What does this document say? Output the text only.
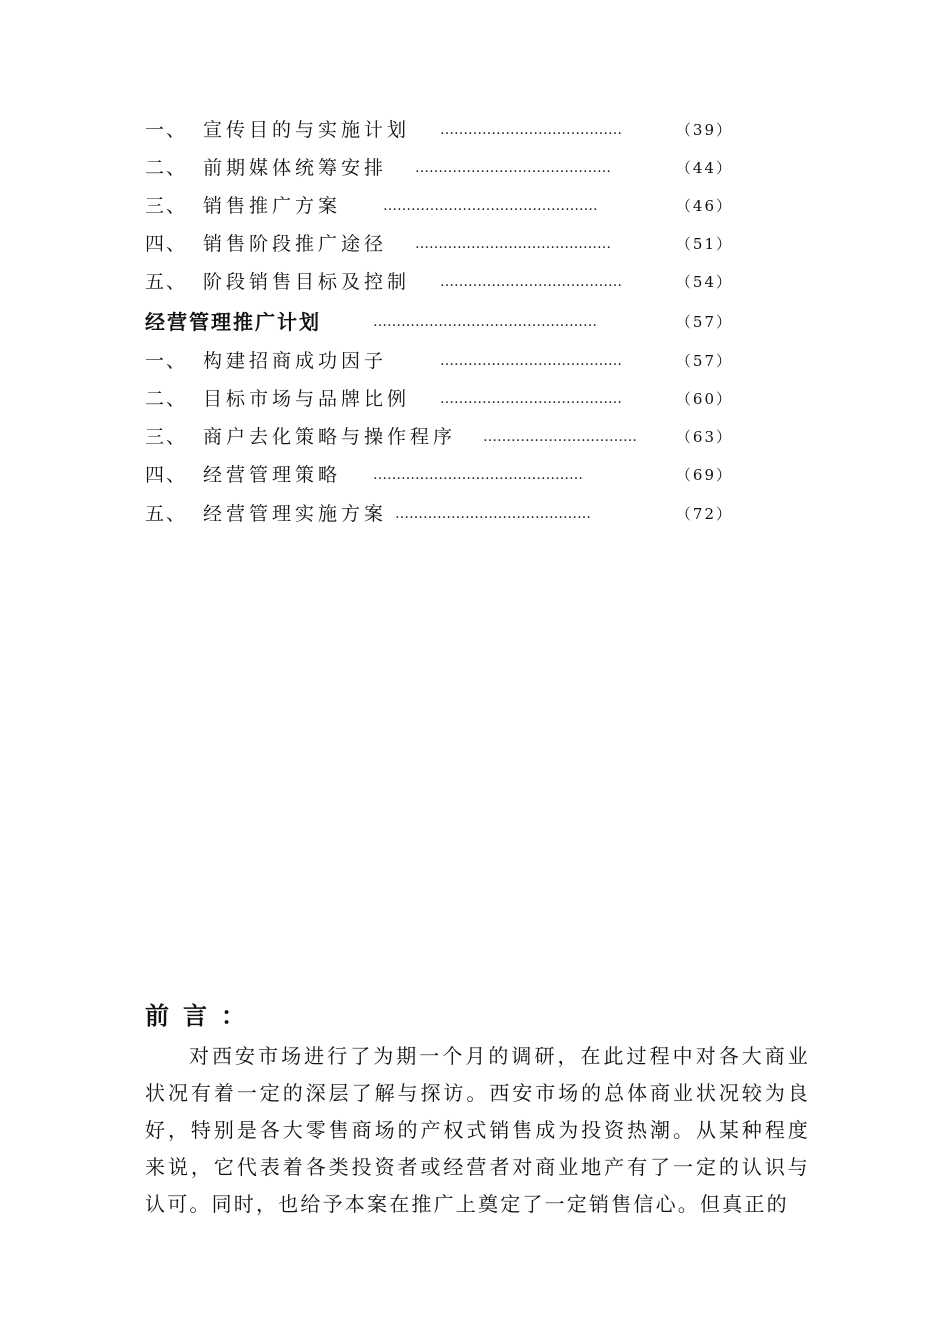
一、 宣传目的与实施计划 …………………………………	（39）
二、 前期媒体统筹安排 ……………………………………	（44）
三、 销售推广方案	……………………………………….	（46）
四、 销售阶段推广途径 ……………………………………	（51）
五、 阶段销售目标及控制 …………………………………	（54）
经营管理推广计划	…………………………………………	（57）
一、 构建招商成功因子	…………………………………	（57）
二、 目标市场与品牌比例 …………………………………	（60）
三、 商户去化策略与操作程序 ……………………………	（63）
四、 经营管理策略 ………………………………………	（69）
五、 经营管理实施方案 ……………………………………	（72）
前言：

对西安市场进行了为期一个月的调研，在此过程中对各大商业状况有着一定的深层了解与探访。西安市场的总体商业状况较为良好，特别是各大零售商场的产权式销售成为投资热潮。从某种程度来说，它代表着各类投资者或经营者对商业地产有了一定的认识与认可。同时，也给予本案在推广上奠定了一定销售信心。但真正的
